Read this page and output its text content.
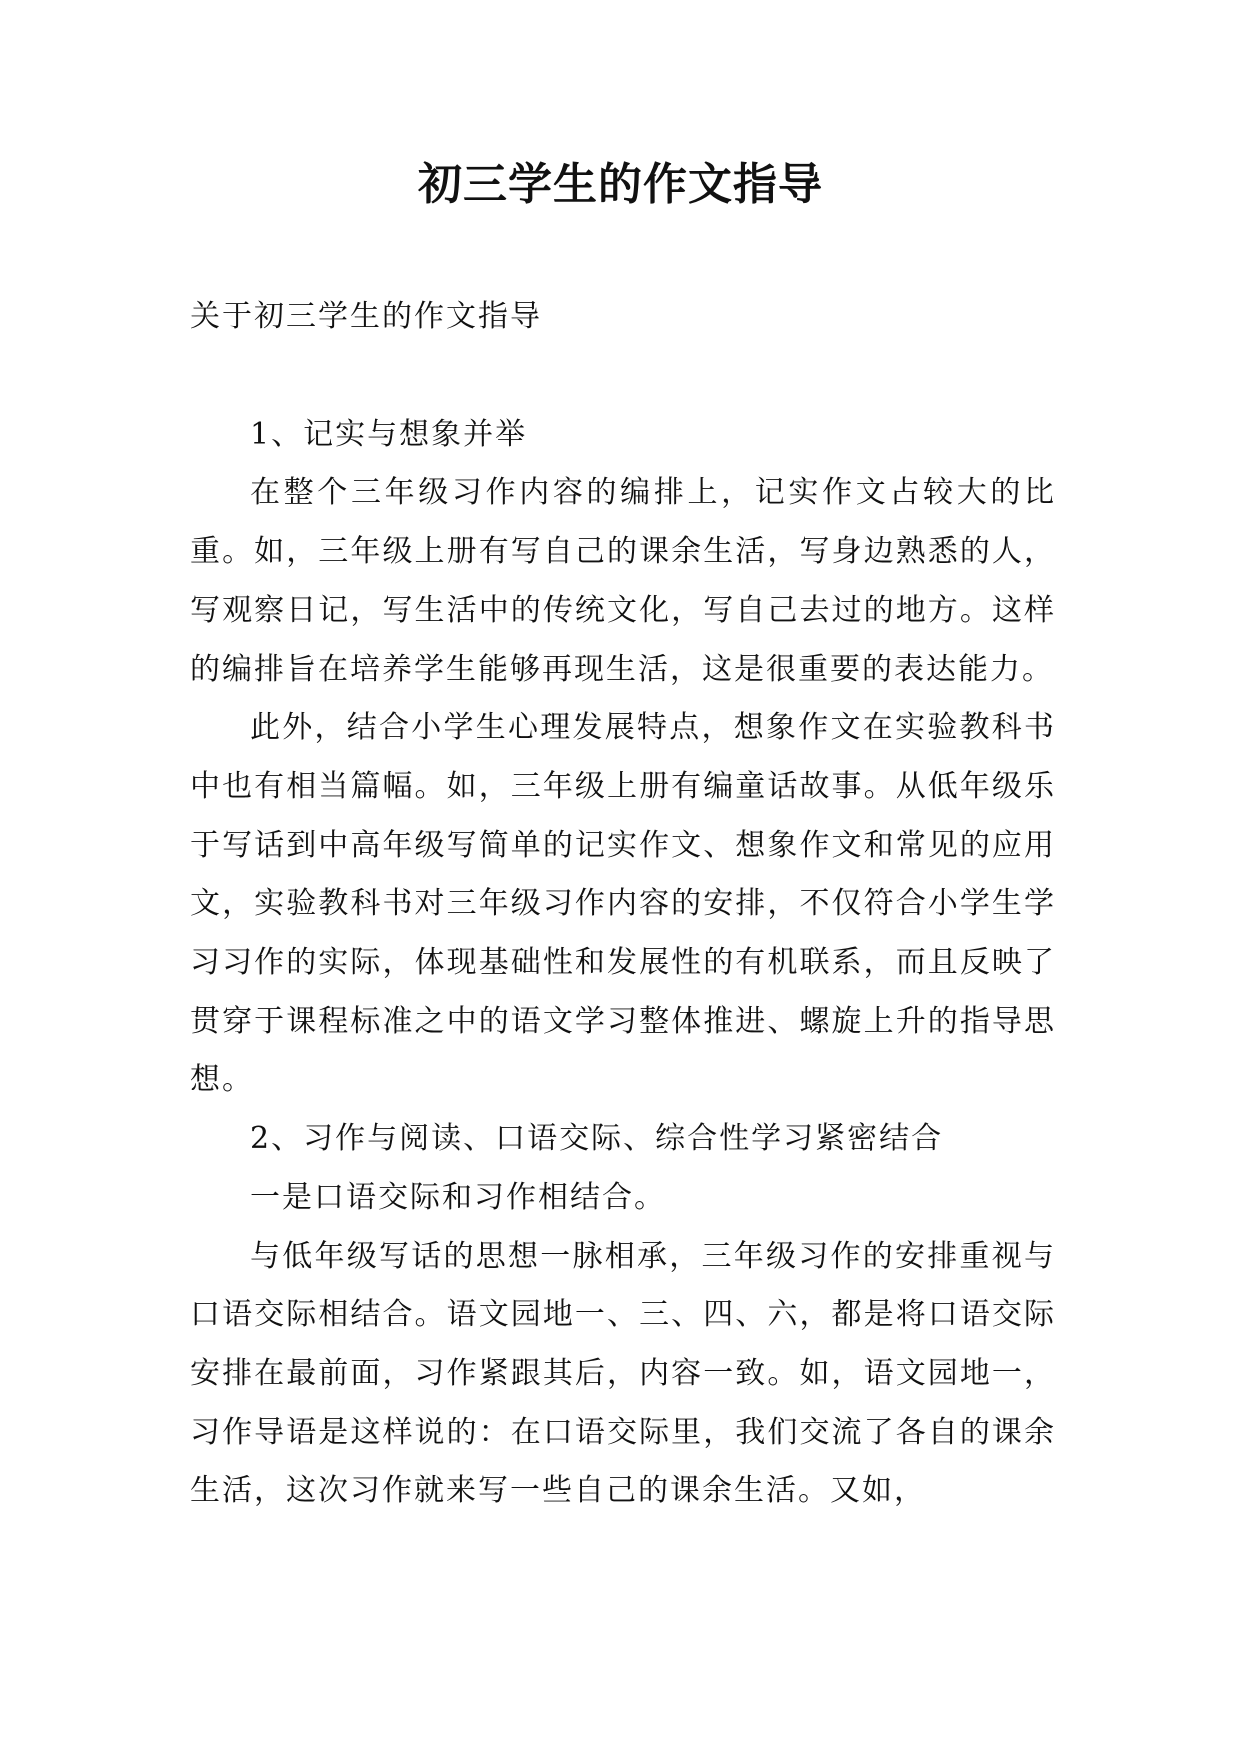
初三学生的作文指导

关于初三学生的作文指导

1、记实与想象并举

在整个三年级习作内容的编排上，记实作文占较大的比重。如，三年级上册有写自己的课余生活，写身边熟悉的人，写观察日记，写生活中的传统文化，写自己去过的地方。这样的编排旨在培养学生能够再现生活，这是很重要的表达能力。

此外，结合小学生心理发展特点，想象作文在实验教科书中也有相当篇幅。如，三年级上册有编童话故事。从低年级乐于写话到中高年级写简单的记实作文、想象作文和常见的应用文，实验教科书对三年级习作内容的安排，不仅符合小学生学习习作的实际，体现基础性和发展性的有机联系，而且反映了贯穿于课程标准之中的语文学习整体推进、螺旋上升的指导思想。

2、习作与阅读、口语交际、综合性学习紧密结合

一是口语交际和习作相结合。

与低年级写话的思想一脉相承，三年级习作的安排重视与口语交际相结合。语文园地一、三、四、六，都是将口语交际安排在最前面，习作紧跟其后，内容一致。如，语文园地一，习作导语是这样说的：在口语交际里，我们交流了各自的课余生活，这次习作就来写一些自己的课余生活。又如，
